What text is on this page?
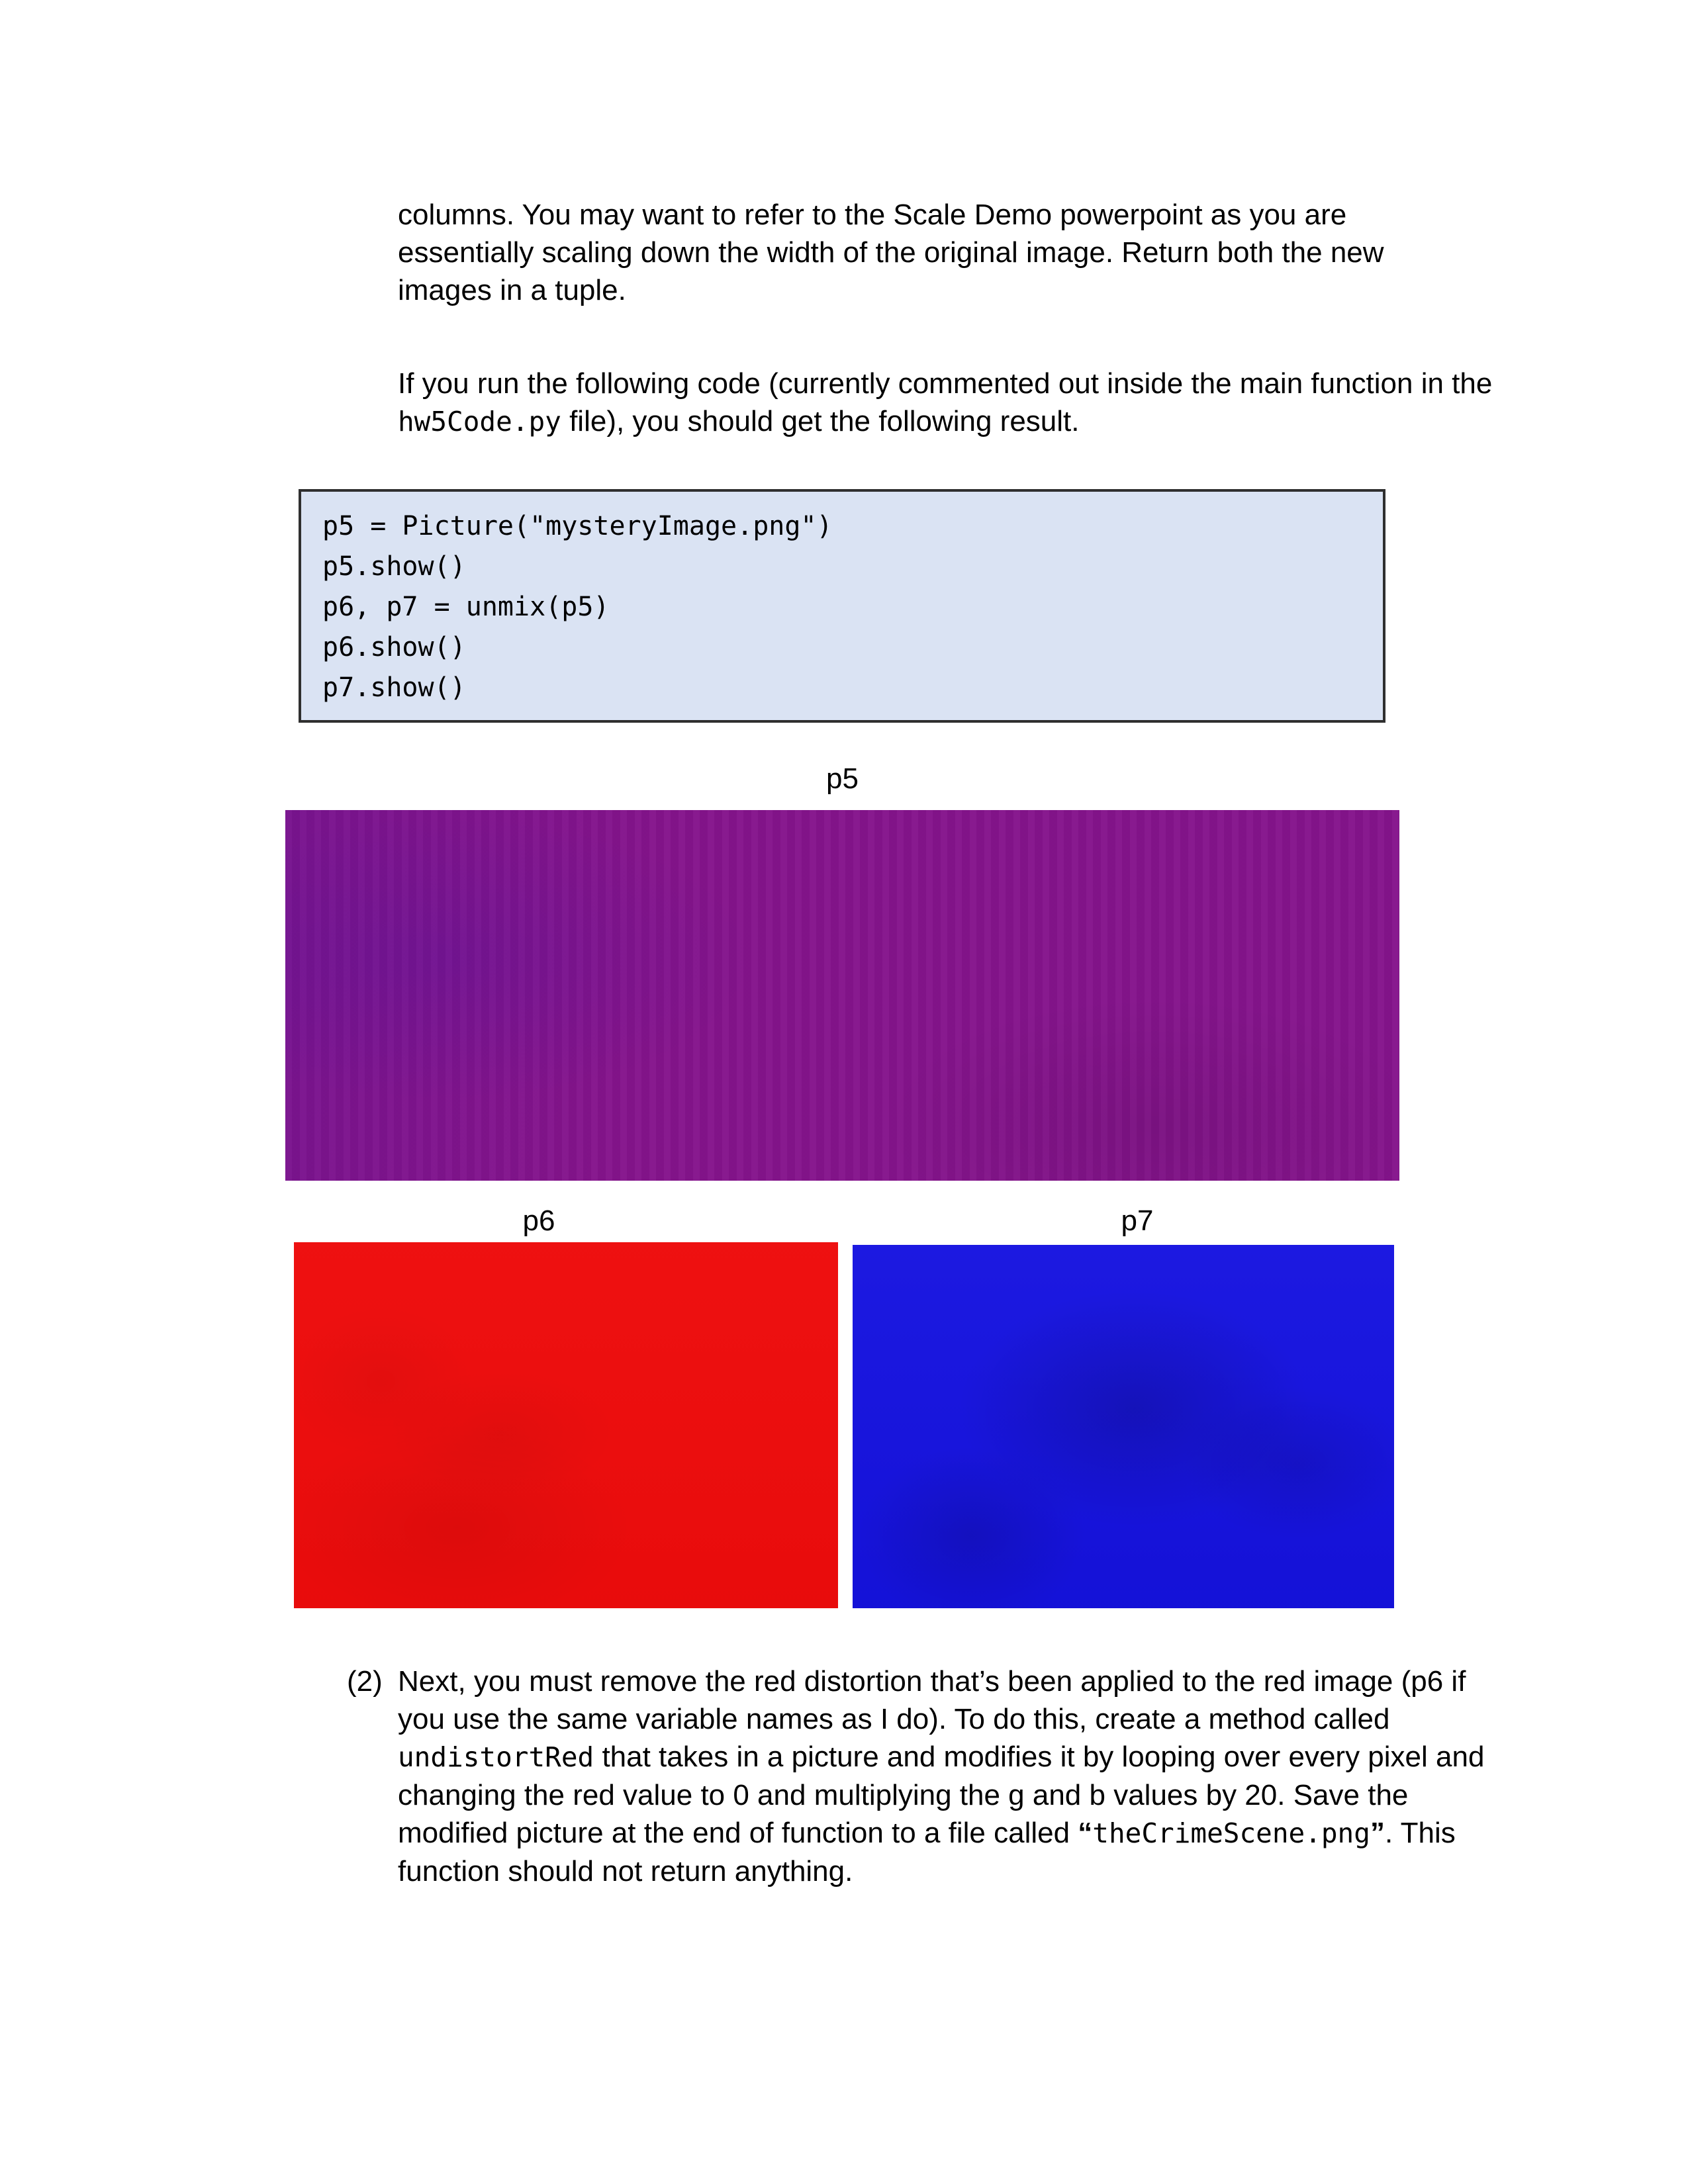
columns. You may want to refer to the Scale Demo powerpoint as you are essentially scaling down the width of the original image. Return both the new images in a tuple.

If you run the following code (currently commented out inside the main function in the hw5Code.py file), you should get the following result.

p5 = Picture("mysteryImage.png")
p5.show()
p6, p7 = unmix(p5)
p6.show()
p7.show()
p5
p6	p7
(2) Next, you must remove the red distortion that’s been applied to the red image (p6 if you use the same variable names as I do). To do this, create a method called undistortRed that takes in a picture and modifies it by looping over every pixel and changing the red value to 0 and multiplying the g and b values by 20. Save the modified picture at the end of function to a file called “theCrimeScene.png”. This function should not return anything.
